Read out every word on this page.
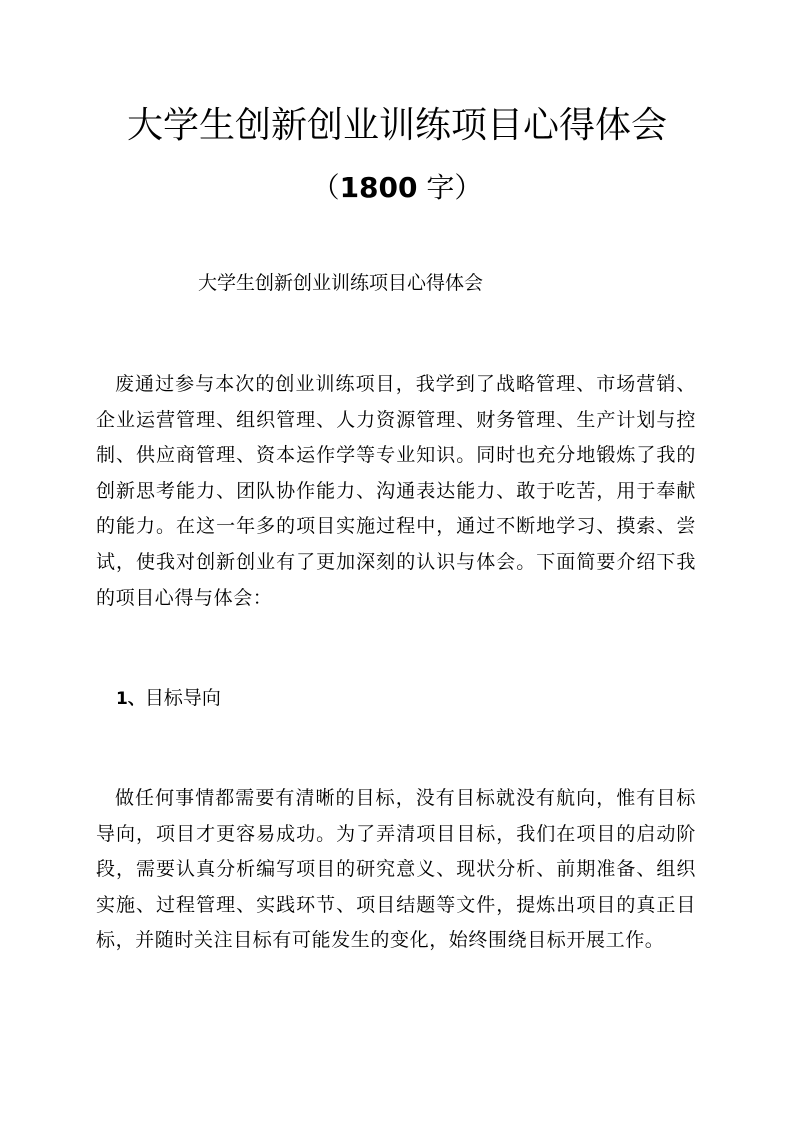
大学生创新创业训练项目心得体会
（1800 字）
大学生创新创业训练项目心得体会

废通过参与本次的创业训练项目，我学到了战略管理、市场营销、企业运营管理、组织管理、人力资源管理、财务管理、生产计划与控制、供应商管理、资本运作学等专业知识。同时也充分地锻炼了我的创新思考能力、团队协作能力、沟通表达能力、敢于吃苦，用于奉献的能力。在这一年多的项目实施过程中，通过不断地学习、摸索、尝试，使我对创新创业有了更加深刻的认识与体会。下面简要介绍下我的项目心得与体会：

1、目标导向

做任何事情都需要有清晰的目标，没有目标就没有航向，惟有目标导向，项目才更容易成功。为了弄清项目目标，我们在项目的启动阶段，需要认真分析编写项目的研究意义、现状分析、前期准备、组织实施、过程管理、实践环节、项目结题等文件，提炼出项目的真正目标，并随时关注目标有可能发生的变化，始终围绕目标开展工作。
